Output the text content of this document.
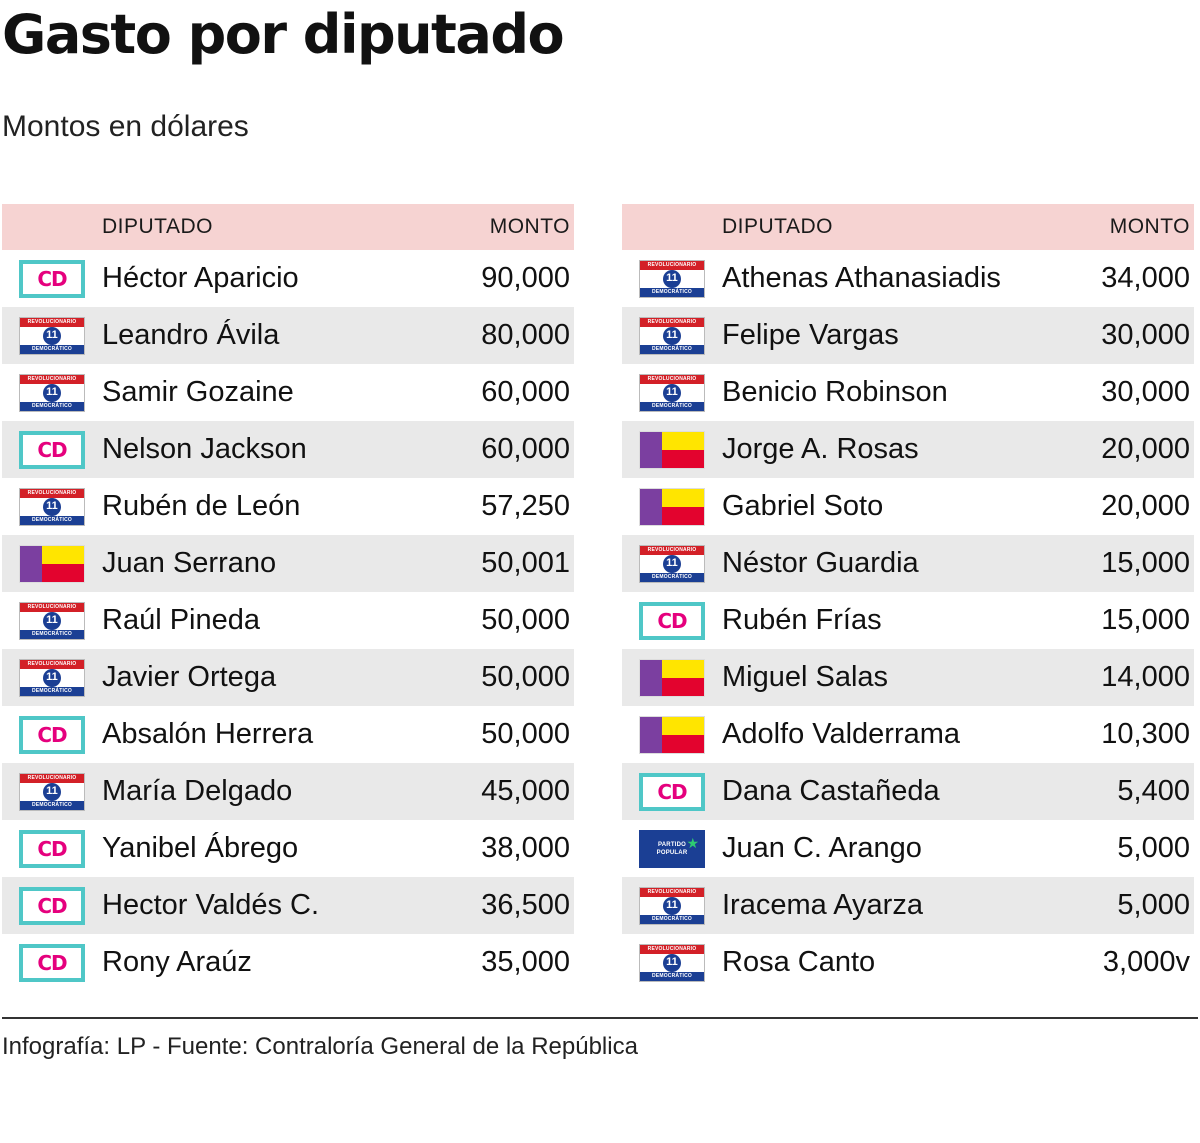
Gasto por diputado
Montos en dólares
DIPUTADO	MONTO
CD Héctor Aparicio	90,000
REVOLUCIONARIO
11
DEMOCRÁTICO	Leandro Ávila	80,000
REVOLUCIONARIO
11
DEMOCRÁTICO	Samir Gozaine	60,000
CD Nelson Jackson	60,000
REVOLUCIONARIO
11
DEMOCRÁTICO	Rubén de León	57,250
Juan Serrano	50,001
REVOLUCIONARIO
11
DEMOCRÁTICO	Raúl Pineda	50,000
REVOLUCIONARIO
11
DEMOCRÁTICO	Javier Ortega	50,000
CD Absalón Herrera	50,000
REVOLUCIONARIO
11
DEMOCRÁTICO	María Delgado	45,000
CD Yanibel Ábrego	38,000
CD Hector Valdés C.	36,500
CD Rony Araúz	35,000
DIPUTADO	MONTO
REVOLUCIONARIO
11
DEMOCRÁTICO	Athenas Athanasiadis	34,000
REVOLUCIONARIO
11
DEMOCRÁTICO	Felipe Vargas	30,000
REVOLUCIONARIO
11
DEMOCRÁTICO	Benicio Robinson	30,000
Jorge A. Rosas	20,000
Gabriel Soto	20,000
REVOLUCIONARIO
11
DEMOCRÁTICO	Néstor Guardia	15,000
CD Rubén Frías	15,000
Miguel Salas	14,000
Adolfo Valderrama	10,300
CD Dana Castañeda	5,400
PARTIDO
POPULAR
★ Juan C. Arango	5,000
REVOLUCIONARIO
11
DEMOCRÁTICO	Iracema Ayarza	5,000
REVOLUCIONARIO
11
DEMOCRÁTICO	Rosa Canto	3,000v
Infografía: LP - Fuente: Contraloría General de la República
